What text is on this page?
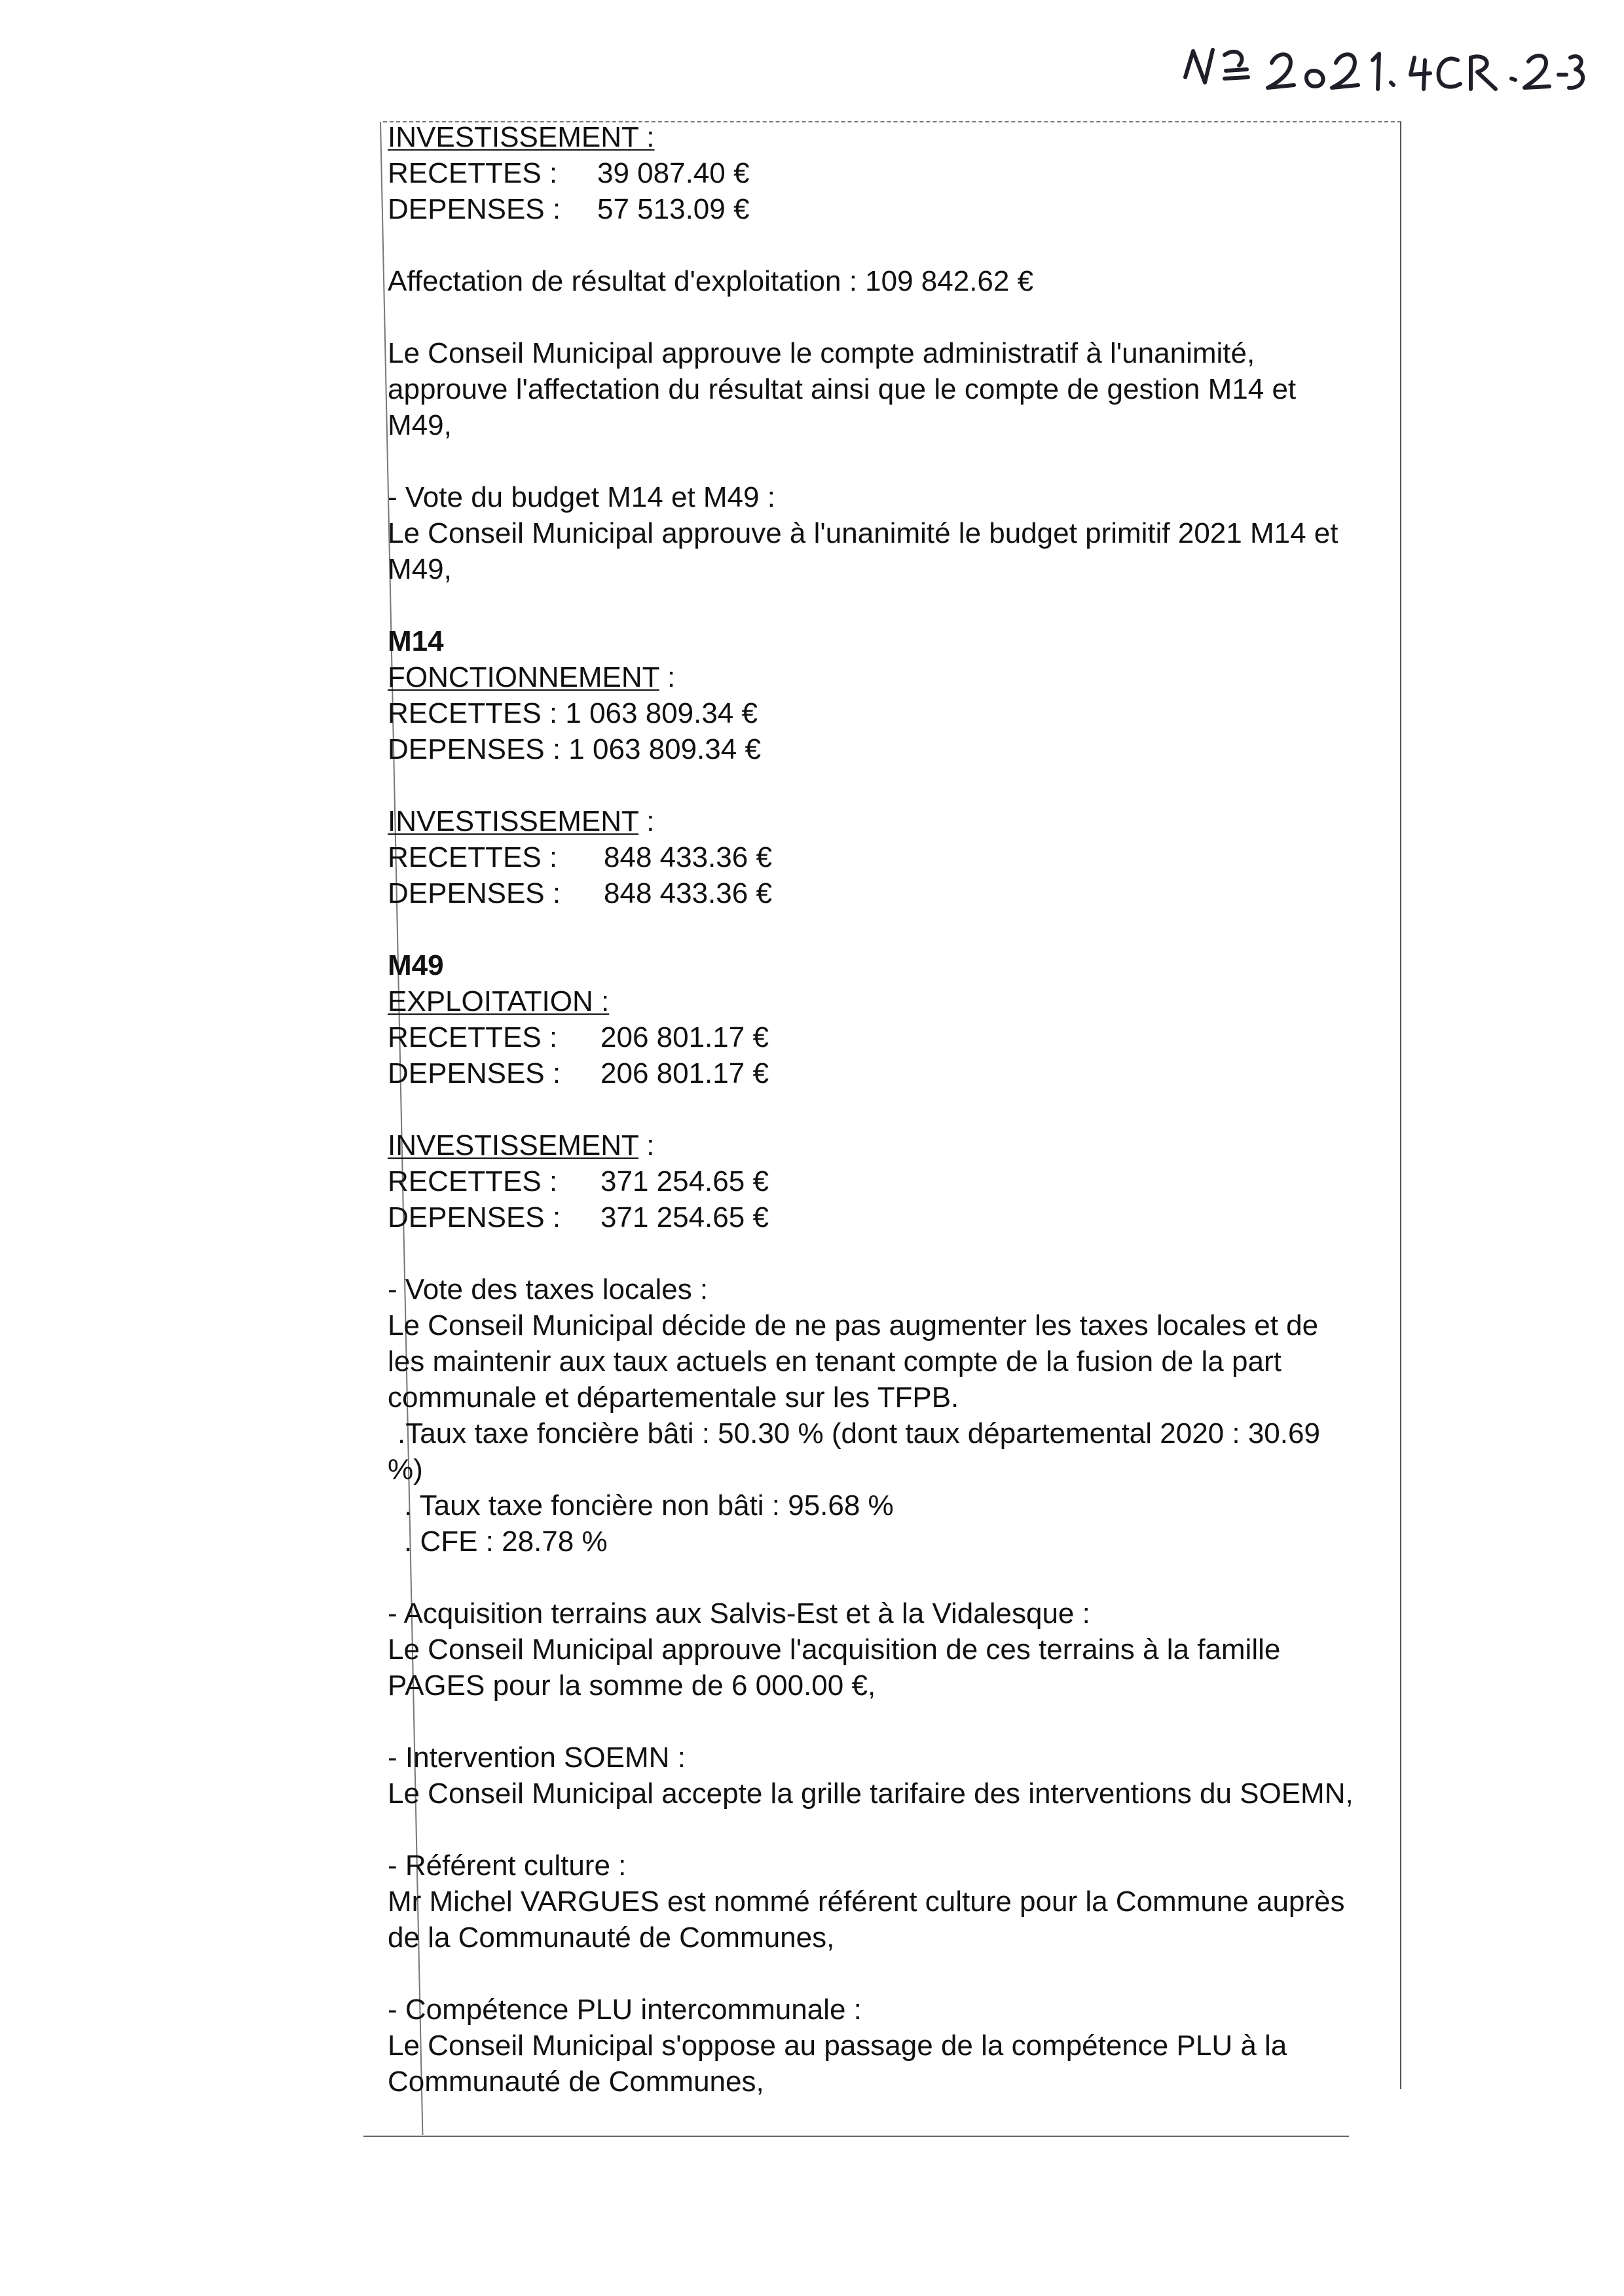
INVESTISSEMENT :
RECETTES : 39 087.40 €
DEPENSES : 57 513.09 €
Affectation de résultat d'exploitation : 109 842.62 €
Le Conseil Municipal approuve le compte administratif à l'unanimité,
approuve l'affectation du résultat ainsi que le compte de gestion M14 et
M49,
- Vote du budget M14 et M49 :
Le Conseil Municipal approuve à l'unanimité le budget primitif 2021 M14 et
M49,
M14
FONCTIONNEMENT :
RECETTES : 1 063 809.34 €
DEPENSES : 1 063 809.34 €
INVESTISSEMENT :
RECETTES : 848 433.36 €
DEPENSES : 848 433.36 €
M49
EXPLOITATION :
RECETTES : 206 801.17 €
DEPENSES : 206 801.17 €
INVESTISSEMENT :
RECETTES : 371 254.65 €
DEPENSES : 371 254.65 €
- Vote des taxes locales :
Le Conseil Municipal décide de ne pas augmenter les taxes locales et de
les maintenir aux taux actuels en tenant compte de la fusion de la part
communale et départementale sur les TFPB.
.Taux taxe foncière bâti : 50.30 % (dont taux départemental 2020 : 30.69
%)
. Taux taxe foncière non bâti : 95.68 %
. CFE : 28.78 %
- Acquisition terrains aux Salvis-Est et à la Vidalesque :
Le Conseil Municipal approuve l'acquisition de ces terrains à la famille
PAGES pour la somme de 6 000.00 €,
- Intervention SOEMN :
Le Conseil Municipal accepte la grille tarifaire des interventions du SOEMN,
- Référent culture :
Mr Michel VARGUES est nommé référent culture pour la Commune auprès
de la Communauté de Communes,
- Compétence PLU intercommunale :
Le Conseil Municipal s'oppose au passage de la compétence PLU à la
Communauté de Communes,
